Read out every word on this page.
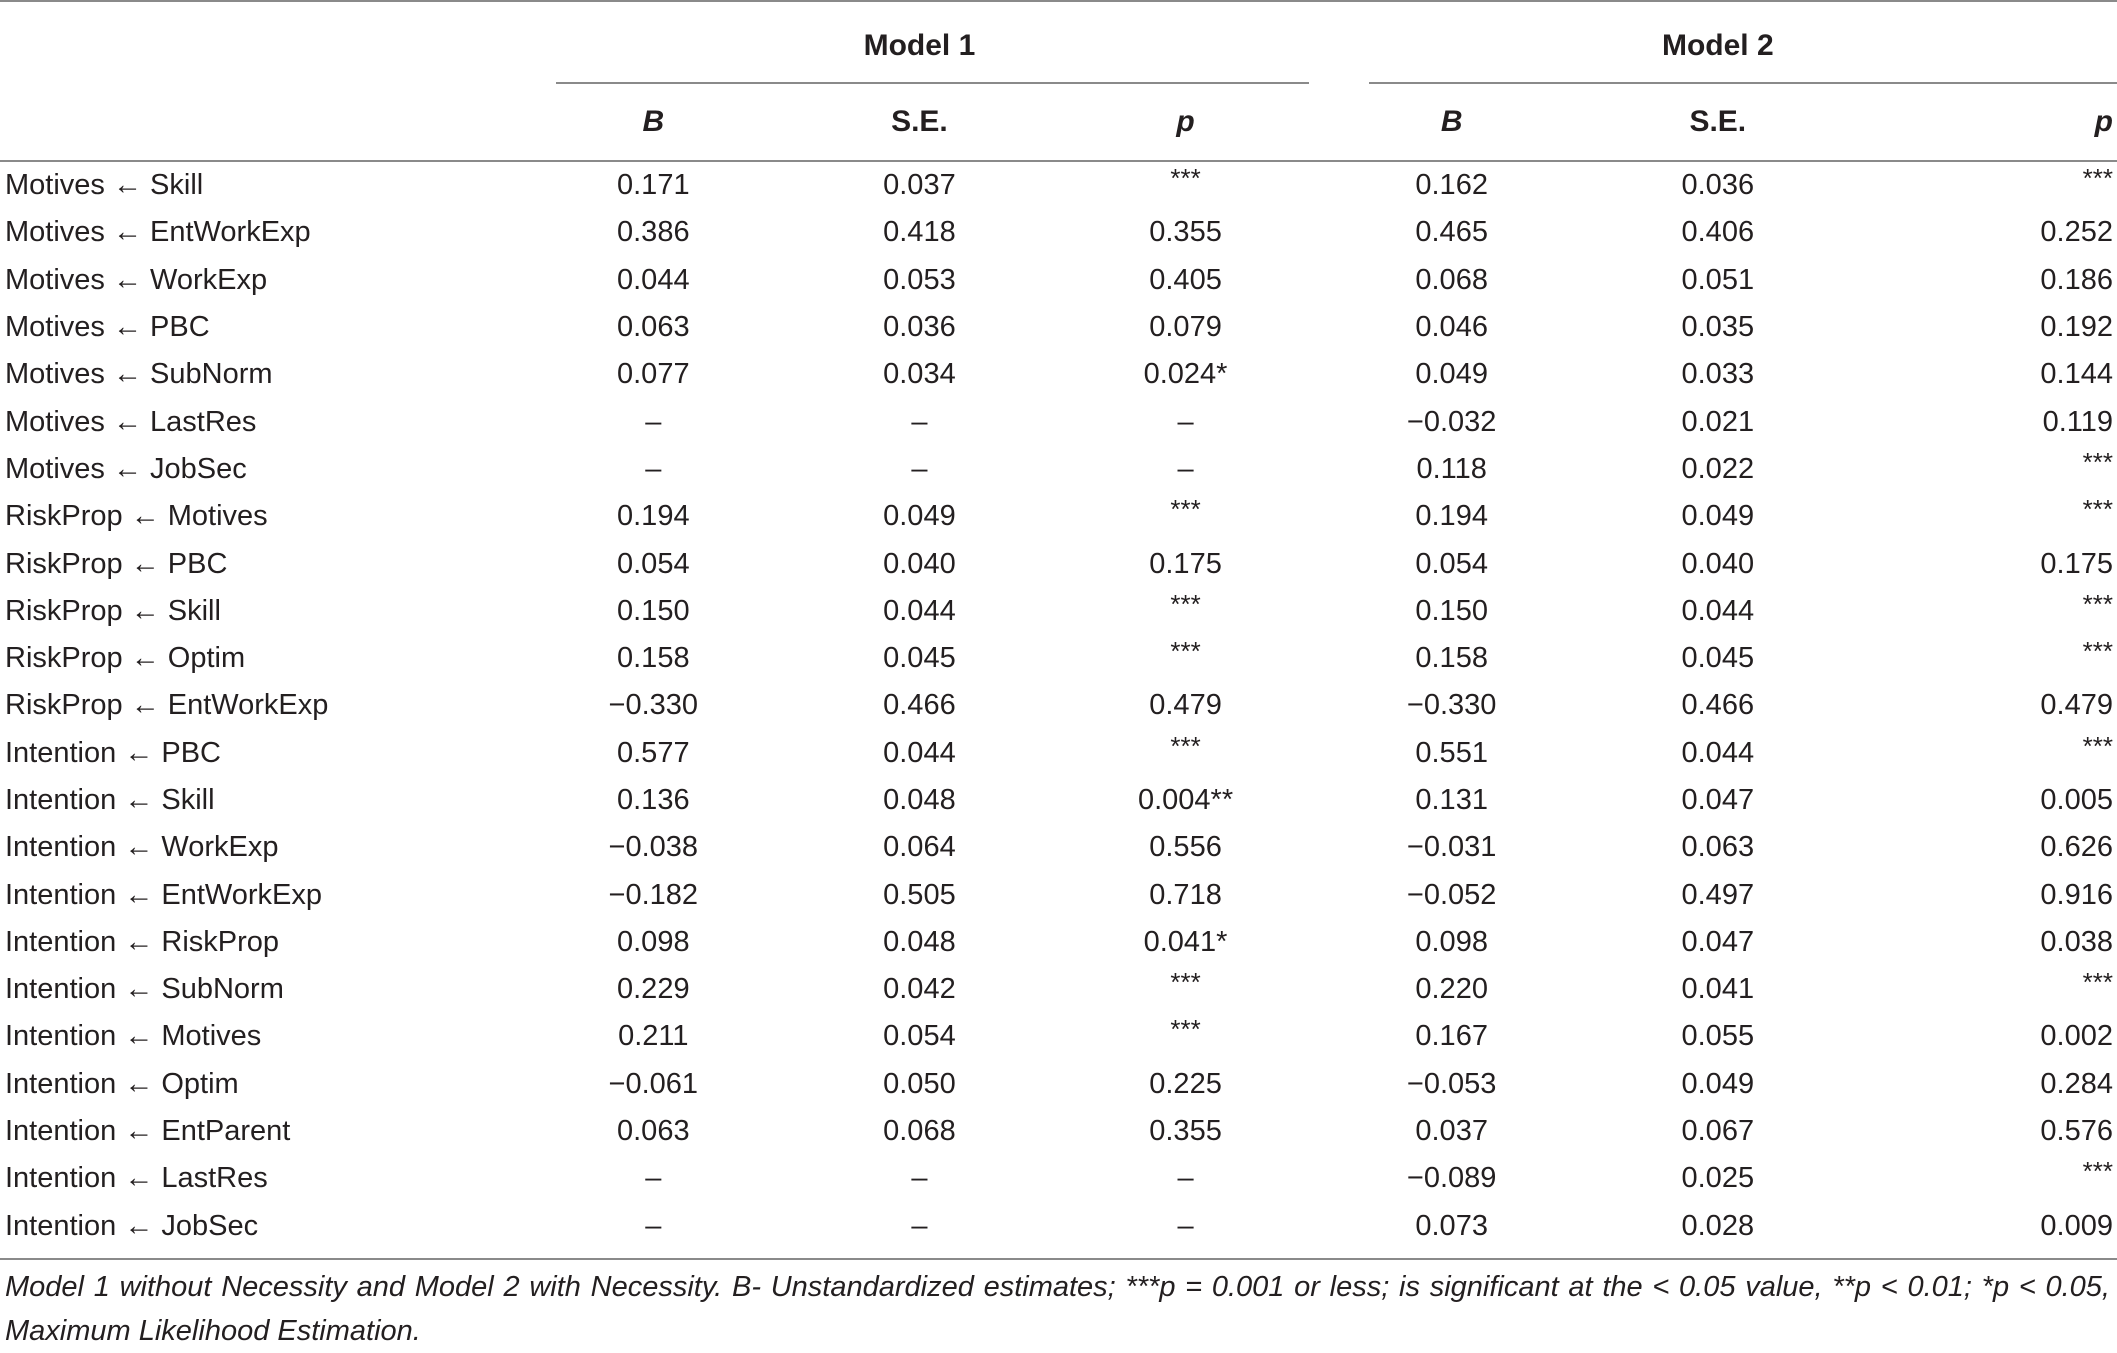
	Model 1			Model 2		

	B	S.E.	p	B	S.E.	p
Motives ← Skill	0.171	0.037	***	0.162	0.036	***
Motives ← EntWorkExp	0.386	0.418	0.355	0.465	0.406	0.252
Motives ← WorkExp	0.044	0.053	0.405	0.068	0.051	0.186
Motives ← PBC	0.063	0.036	0.079	0.046	0.035	0.192
Motives ← SubNorm	0.077	0.034	0.024*	0.049	0.033	0.144
Motives ← LastRes	–	–	–	−0.032	0.021	0.119
Motives ← JobSec	–	–	–	0.118	0.022	***
RiskProp ← Motives	0.194	0.049	***	0.194	0.049	***
RiskProp ← PBC	0.054	0.040	0.175	0.054	0.040	0.175
RiskProp ← Skill	0.150	0.044	***	0.150	0.044	***
RiskProp ← Optim	0.158	0.045	***	0.158	0.045	***
RiskProp ← EntWorkExp	−0.330	0.466	0.479	−0.330	0.466	0.479
Intention ← PBC	0.577	0.044	***	0.551	0.044	***
Intention ← Skill	0.136	0.048	0.004**	0.131	0.047	0.005
Intention ← WorkExp	−0.038	0.064	0.556	−0.031	0.063	0.626
Intention ← EntWorkExp	−0.182	0.505	0.718	−0.052	0.497	0.916
Intention ← RiskProp	0.098	0.048	0.041*	0.098	0.047	0.038
Intention ← SubNorm	0.229	0.042	***	0.220	0.041	***
Intention ← Motives	0.211	0.054	***	0.167	0.055	0.002
Intention ← Optim	−0.061	0.050	0.225	−0.053	0.049	0.284
Intention ← EntParent	0.063	0.068	0.355	0.037	0.067	0.576
Intention ← LastRes	–	–	–	−0.089	0.025	***
Intention ← JobSec	–	–	–	0.073	0.028	0.009
Model 1 without Necessity and Model 2 with Necessity. B- Unstandardized estimates; ***p = 0.001 or less; is significant at the < 0.05 value, **p < 0.01; *p < 0.05, Maximum Likelihood Estimation.
